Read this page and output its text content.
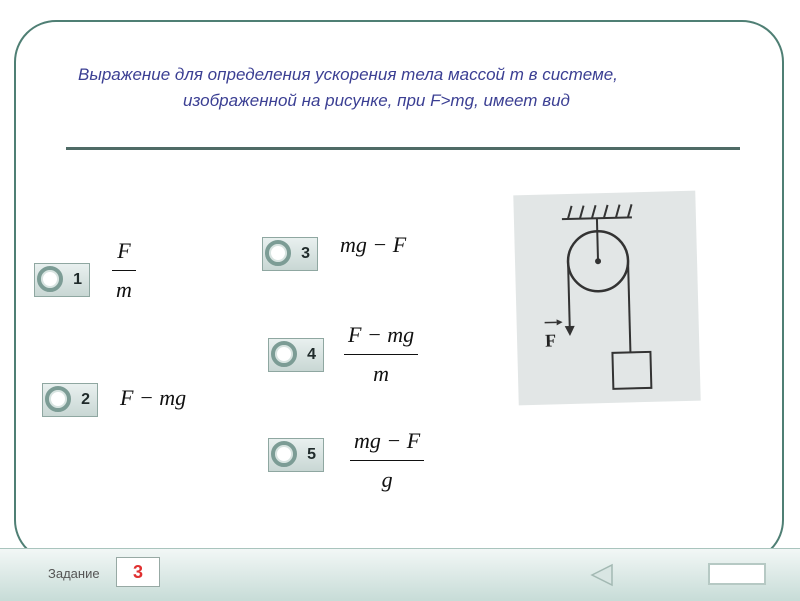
Выражение для определения ускорения тела массой m в системе,
изображенной на рисунке, при F>mg, имеет вид
$1 \frac{F}{m}$
2 F − mg
3 mg − F
$4 \frac{F - mg}{m}$
$5 \frac{mg - F}{g}$
F
Задание	3
